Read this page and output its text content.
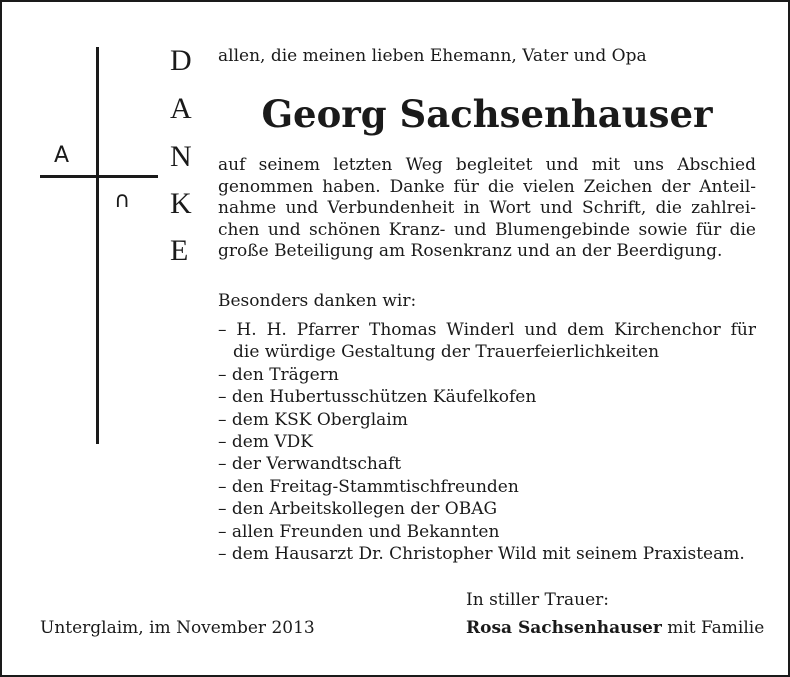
A
∩
D
A
N
K
E
allen, die meinen lieben Ehemann, Vater und Opa
Georg Sachsenhauser
auf seinem letzten Weg begleitet und mit uns Abschied
genommen haben. Danke für die vielen Zeichen der Anteil-
nahme und Verbundenheit in Wort und Schrift, die zahlrei-
chen und schönen Kranz- und Blumengebinde sowie für die
große Beteiligung am Rosenkranz und an der Beerdigung.
Besonders danken wir:
– H. H. Pfarrer Thomas Winderl und dem Kirchenchor für
die würdige Gestaltung der Trauerfeierlichkeiten
– den Trägern
– den Hubertusschützen Käufelkofen
– dem KSK Oberglaim
– dem VDK
– der Verwandtschaft
– den Freitag-Stammtischfreunden
– den Arbeitskollegen der OBAG
– allen Freunden und Bekannten
– dem Hausarzt Dr. Christopher Wild mit seinem Praxisteam.
In stiller Trauer:
Unterglaim, im November 2013	Rosa Sachsenhauser mit Familie
